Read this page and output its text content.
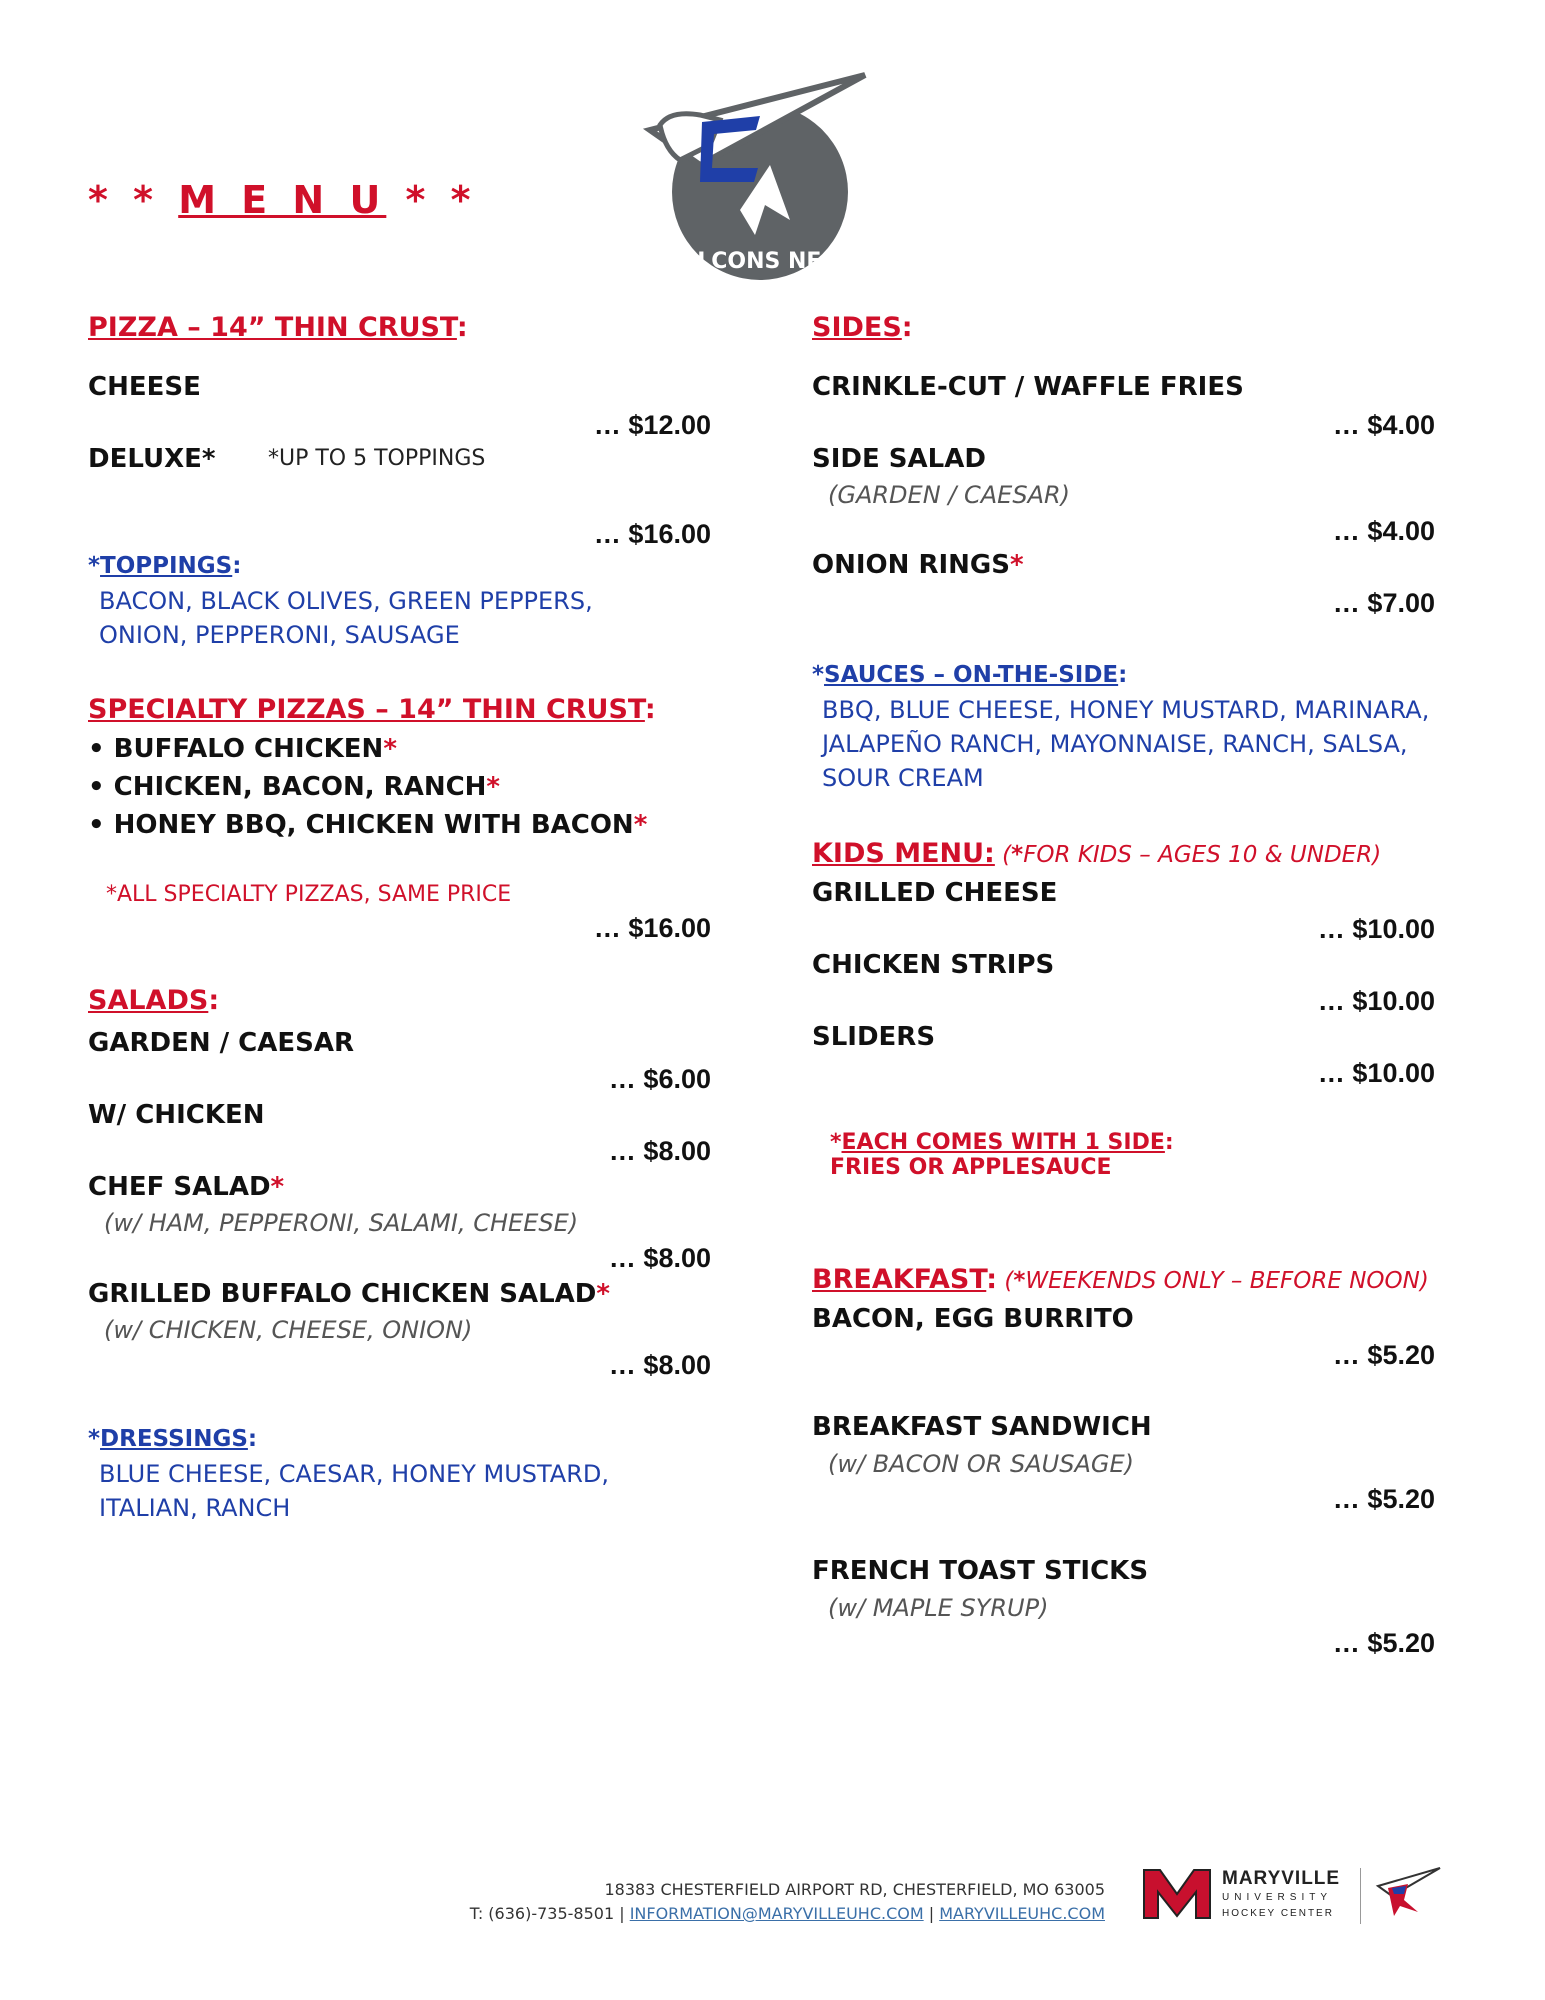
* * M E N U * *
FALCONS NEST
PIZZA – 14” THIN CRUST:
CHEESE
… $12.00
DELUXE* *UP TO 5 TOPPINGS
… $16.00
*TOPPINGS:
BACON, BLACK OLIVES, GREEN PEPPERS,
ONION, PEPPERONI, SAUSAGE
SPECIALTY PIZZAS – 14” THIN CRUST:
• BUFFALO CHICKEN*
• CHICKEN, BACON, RANCH*
• HONEY BBQ, CHICKEN WITH BACON*
*ALL SPECIALTY PIZZAS, SAME PRICE
… $16.00
SALADS:
GARDEN / CAESAR
… $6.00
W/ CHICKEN
… $8.00
CHEF SALAD*
(w/ HAM, PEPPERONI, SALAMI, CHEESE)
… $8.00
GRILLED BUFFALO CHICKEN SALAD*
(w/ CHICKEN, CHEESE, ONION)
… $8.00
*DRESSINGS:
BLUE CHEESE, CAESAR, HONEY MUSTARD,
ITALIAN, RANCH
SIDES:
CRINKLE-CUT / WAFFLE FRIES
… $4.00
SIDE SALAD
(GARDEN / CAESAR)
… $4.00
ONION RINGS*
… $7.00
*SAUCES – ON-THE-SIDE:
BBQ, BLUE CHEESE, HONEY MUSTARD, MARINARA,
JALAPEÑO RANCH, MAYONNAISE, RANCH, SALSA,
SOUR CREAM
KIDS MENU: (*FOR KIDS – AGES 10 & UNDER)
GRILLED CHEESE
… $10.00
CHICKEN STRIPS
… $10.00
SLIDERS
… $10.00
*EACH COMES WITH 1 SIDE:
FRIES OR APPLESAUCE
BREAKFAST: (*WEEKENDS ONLY – BEFORE NOON)
BACON, EGG BURRITO
… $5.20
BREAKFAST SANDWICH
(w/ BACON OR SAUSAGE)
… $5.20
FRENCH TOAST STICKS
(w/ MAPLE SYRUP)
… $5.20
18383 CHESTERFIELD AIRPORT RD, CHESTERFIELD, MO 63005
T: (636)-735-8501 | INFORMATION@MARYVILLEUHC.COM | MARYVILLEUHC.COM
MARYVILLE
UNIVERSITY
HOCKEY CENTER
